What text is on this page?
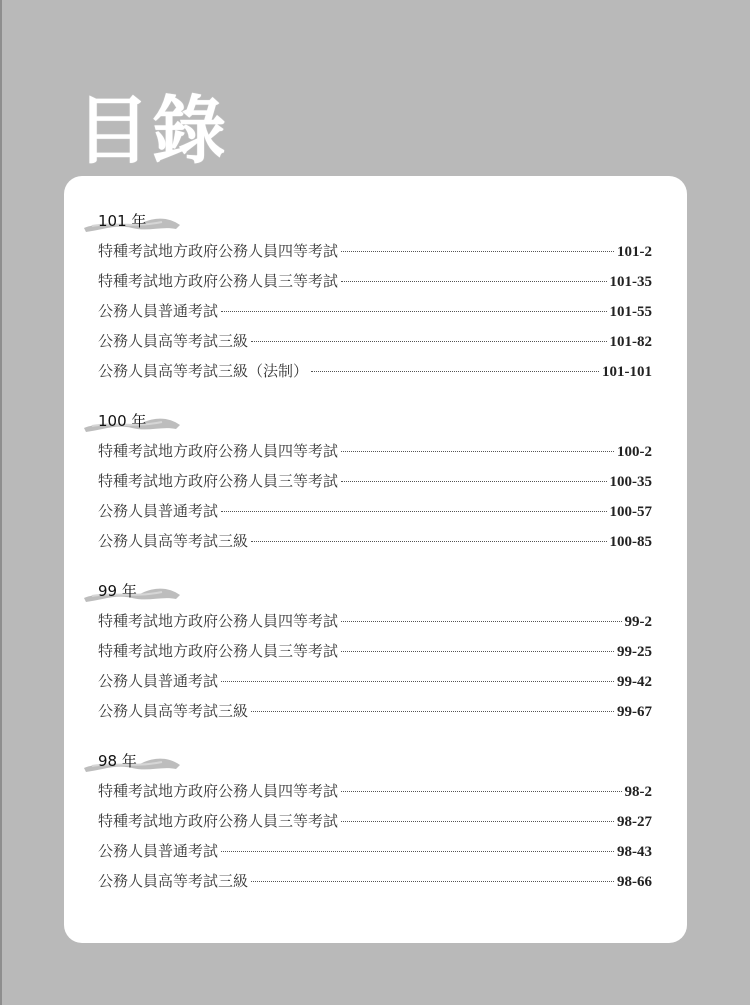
目錄
101 年
特種考試地方政府公務人員四等考試	101-2
特種考試地方政府公務人員三等考試	101-35
公務人員普通考試	101-55
公務人員高等考試三級	101-82
公務人員高等考試三級（法制）	101-101
100 年
特種考試地方政府公務人員四等考試	100-2
特種考試地方政府公務人員三等考試	100-35
公務人員普通考試	100-57
公務人員高等考試三級	100-85
99 年
特種考試地方政府公務人員四等考試	99-2
特種考試地方政府公務人員三等考試	99-25
公務人員普通考試	99-42
公務人員高等考試三級	99-67
98 年
特種考試地方政府公務人員四等考試	98-2
特種考試地方政府公務人員三等考試	98-27
公務人員普通考試	98-43
公務人員高等考試三級	98-66
